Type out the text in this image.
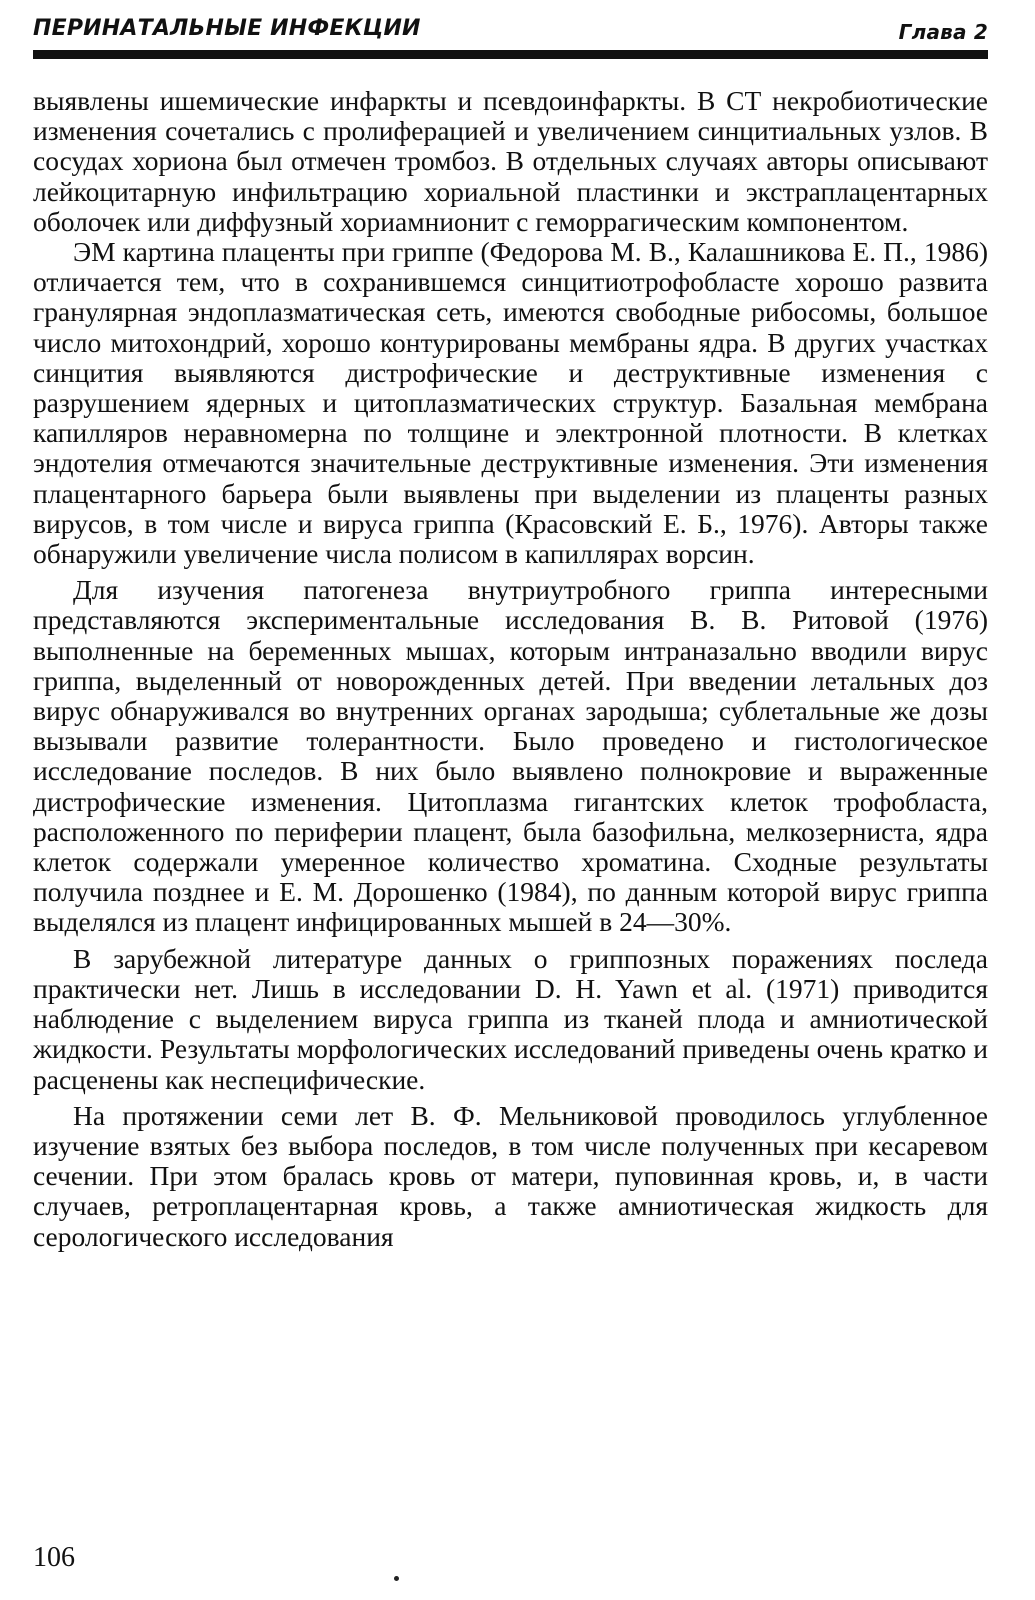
ПЕРИНАТАЛЬНЫЕ ИНФЕКЦИИ	Глава 2

выявлены ишемические инфаркты и псевдоинфаркты. В СТ некробиотические изменения сочетались с пролиферацией и увеличением синцитиальных узлов. В сосудах хориона был отмечен тромбоз. В отдельных случаях авторы описывают лейкоцитарную инфильтрацию хориальной пластинки и экстраплацентарных оболочек или диффузный хориамнионит с геморрагическим компонентом.

ЭМ картина плаценты при гриппе (Федорова М. В., Калашникова Е. П., 1986) отличается тем, что в сохранившемся синцитиотрофобласте хорошо развита гранулярная эндоплазматическая сеть, имеются свободные рибосомы, большое число митохондрий, хорошо контурированы мембраны ядра. В других участках синцития выявляются дистрофические и деструктивные изменения с разрушением ядерных и цитоплазматических структур. Базальная мембрана капилляров неравномерна по толщине и электронной плотности. В клетках эндотелия отмечаются значительные деструктивные изменения. Эти изменения плацентарного барьера были выявлены при выделении из плаценты разных вирусов, в том числе и вируса гриппа (Красовский Е. Б., 1976). Авторы также обнаружили увеличение числа полисом в капиллярах ворсин.

Для изучения патогенеза внутриутробного гриппа интересными представляются экспериментальные исследования В. В. Ритовой (1976) выполненные на беременных мышах, которым интраназально вводили вирус гриппа, выделенный от новорожденных детей. При введении летальных доз вирус обнаруживался во внутренних органах зародыша; сублетальные же дозы вызывали развитие толерантности. Было проведено и гистологическое исследование последов. В них было выявлено полнокровие и выраженные дистрофические изменения. Цитоплазма гигантских клеток трофобласта, расположенного по периферии плацент, была базофильна, мелкозерниста, ядра клеток содержали умеренное количество хроматина. Сходные результаты получила позднее и Е. М. Дорошенко (1984), по данным которой вирус гриппа выделялся из плацент инфицированных мышей в 24—30%.

В зарубежной литературе данных о гриппозных поражениях последа практически нет. Лишь в исследовании D. H. Yawn et al. (1971) приводится наблюдение с выделением вируса гриппа из тканей плода и амниотической жидкости. Результаты морфологических исследований приведены очень кратко и расценены как неспецифические.

На протяжении семи лет В. Ф. Мельниковой проводилось углубленное изучение взятых без выбора последов, в том числе полученных при кесаревом сечении. При этом бралась кровь от матери, пуповинная кровь, и, в части случаев, ретроплацентарная кровь, а также амниотическая жидкость для серологического исследования

106
